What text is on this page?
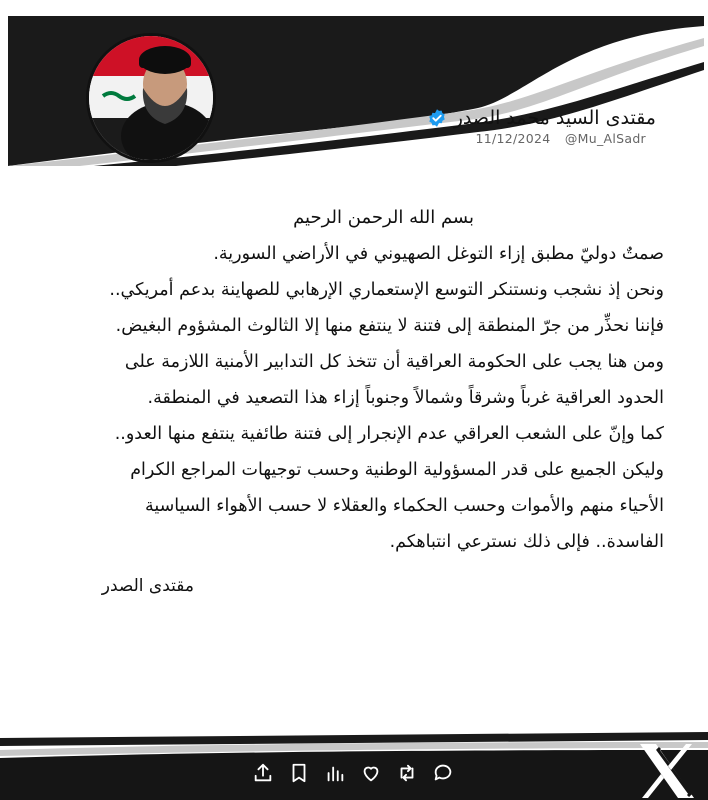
مقتدى السيد محمد الصدر
11/12/2024 @Mu_AlSadr
بسم الله الرحمن الرحيم
صمتٌ دوليّ مطبق إزاء التوغل الصهيوني في الأراضي السورية.
ونحن إذ نشجب ونستنكر التوسع الإستعماري الإرهابي للصهاينة بدعم أمريكي..
فإننا نحذِّر من جرّ المنطقة إلى فتنة لا ينتفع منها إلا الثالوث المشؤوم البغيض.
ومن هنا يجب على الحكومة العراقية أن تتخذ كل التدابير الأمنية اللازمة على
الحدود العراقية غرباً وشرقاً وشمالاً وجنوباً إزاء هذا التصعيد في المنطقة.
كما وإنّ على الشعب العراقي عدم الإنجرار إلى فتنة طائفية ينتفع منها العدو..
وليكن الجميع على قدر المسؤولية الوطنية وحسب توجيهات المراجع الكرام
الأحياء منهم والأموات وحسب الحكماء والعقلاء لا حسب الأهواء السياسية
الفاسدة.. فإلى ذلك نسترعي انتباهكم.
مقتدى الصدر
